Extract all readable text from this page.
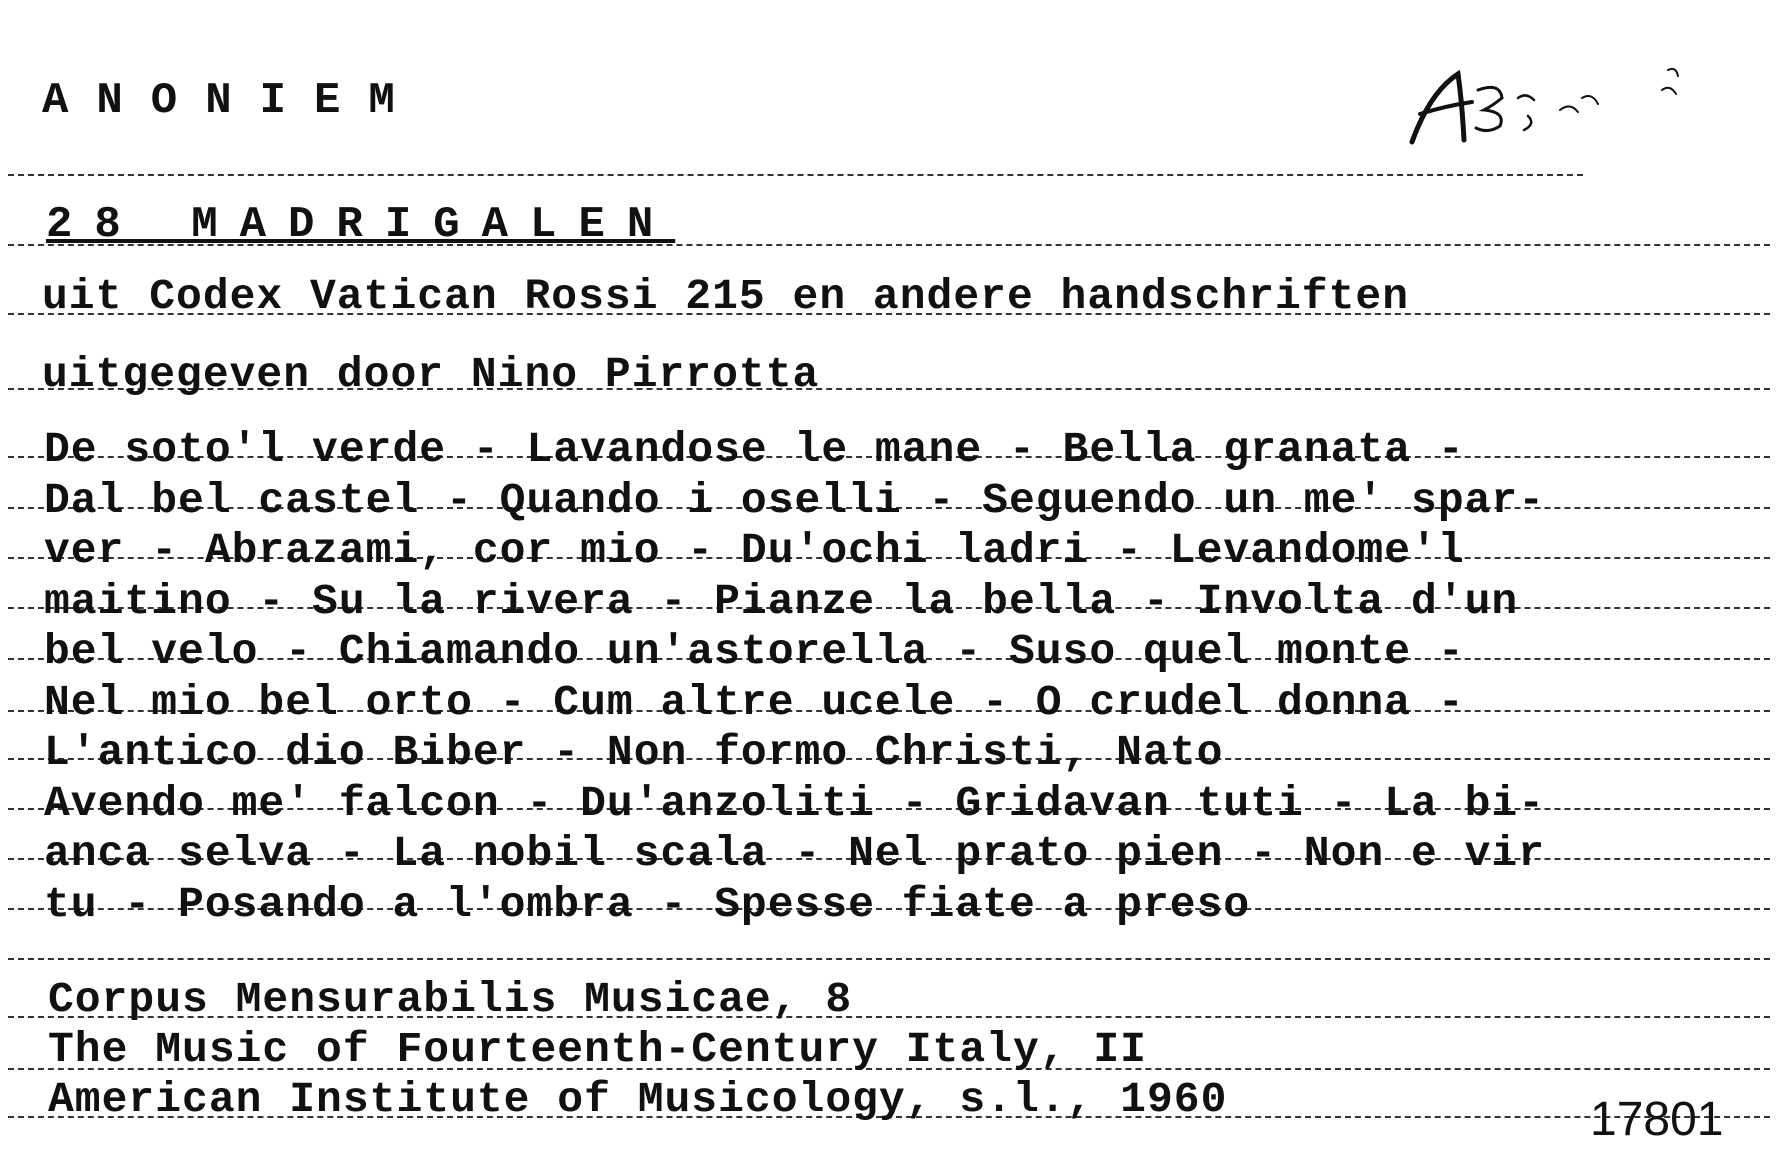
ANONIEM

28 MADRIGALEN

uit Codex Vatican Rossi 215 en andere handschriften

uitgegeven door Nino Pirrotta

De soto'l verde - Lavandose le mane - Bella granata -
Dal bel castel - Quando i oselli - Seguendo un me' spar-
ver - Abrazami, cor mio - Du'ochi ladri - Levandome'l
maitino - Su la rivera - Pianze la bella - Involta d'un
bel velo - Chiamando un'astorella - Suso quel monte -
Nel mio bel orto - Cum altre ucele - O crudel donna -
L'antico dio Biber - Non formo Christi, Nato
Avendo me' falcon - Du'anzoliti - Gridavan tuti - La bi-
anca selva - La nobil scala - Nel prato pien - Non e vir
tu - Posando a l'ombra - Spesse fiate a preso

Corpus Mensurabilis Musicae, 8

The Music of Fourteenth-Century Italy, II

American Institute of Musicology, s.l., 1960	17801
